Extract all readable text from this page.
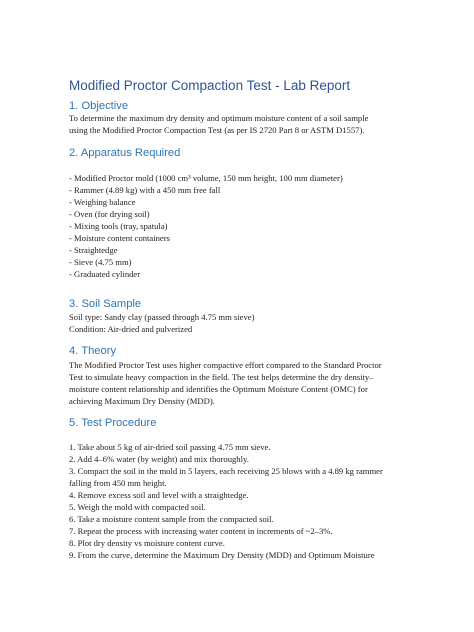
Modified Proctor Compaction Test - Lab Report
1. Objective
To determine the maximum dry density and optimum moisture content of a soil sample
using the Modified Proctor Compaction Test (as per IS 2720 Part 8 or ASTM D1557).
2. Apparatus Required
- Modified Proctor mold (1000 cm³ volume, 150 mm height, 100 mm diameter)
- Rammer (4.89 kg) with a 450 mm free fall
- Weighing balance
- Oven (for drying soil)
- Mixing tools (tray, spatula)
- Moisture content containers
- Straightedge
- Sieve (4.75 mm)
- Graduated cylinder
3. Soil Sample
Soil type: Sandy clay (passed through 4.75 mm sieve)
Condition: Air-dried and pulverized
4. Theory
The Modified Proctor Test uses higher compactive effort compared to the Standard Proctor
Test to simulate heavy compaction in the field. The test helps determine the dry density–
moisture content relationship and identifies the Optimum Moisture Content (OMC) for
achieving Maximum Dry Density (MDD).
5. Test Procedure
1. Take about 5 kg of air-dried soil passing 4.75 mm sieve.
2. Add 4–6% water (by weight) and mix thoroughly.
3. Compact the soil in the mold in 5 layers, each receiving 25 blows with a 4.89 kg rammer
falling from 450 mm height.
4. Remove excess soil and level with a straightedge.
5. Weigh the mold with compacted soil.
6. Take a moisture content sample from the compacted soil.
7. Repeat the process with increasing water content in increments of ~2–3%.
8. Plot dry density vs moisture content curve.
9. From the curve, determine the Maximum Dry Density (MDD) and Optimum Moisture
